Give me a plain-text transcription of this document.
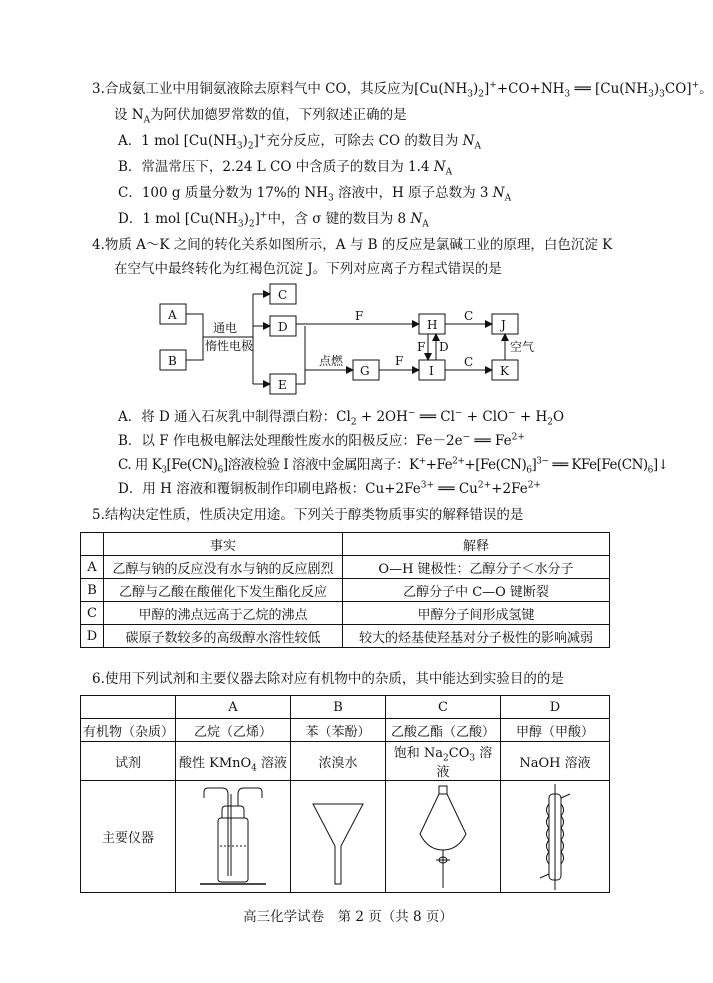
3.合成氨工业中用铜氨液除去原料气中 CO，其反应为$[Cu(NH_3)_2]^++CO+NH_3$ ══ $[Cu(NH_3)_3CO]^+$。
设 $N_A$为阿伏加德罗常数的值，下列叙述正确的是
A．1 mol $[Cu(NH_3)_2]^+$充分反应，可除去 CO 的数目为 $N_A$
B．常温常压下，2.24 L CO 中含质子的数目为 1.4 $N_A$
C．100 g 质量分数为 17%的 $NH_3$ 溶液中，H 原子总数为 3 $N_A$
D．1 mol $[Cu(NH_3)_2]^+$中，含 σ 键的数目为 8 $N_A$
4.物质 A～K 之间的转化关系如图所示，A 与 B 的反应是氯碱工业的原理，白色沉淀 K
在空气中最终转化为红褐色沉淀 J。下列对应离子方程式错误的是
A
B
C
D
E
G
H
I
J
K
通电
惰性电极
F
点燃	F
F D
C
C
空气
A．将 D 通入石灰乳中制得漂白粉：$Cl_2 + 2OH^-$ ══ $Cl^- + ClO^- + H_2O$
B．以 F 作电极电解法处理酸性废水的阳极反应：Fe－2e− ══ $Fe^{2+}$
C. 用 $K_3[Fe(CN)_6]$溶液检验 I 溶液中金属阳离子：$K^++Fe^{2+}+[Fe(CN)_6]^{3-}$ ══ $KFe[Fe(CN)_6]↓$
D．用 H 溶液和覆铜板制作印刷电路板：$Cu+2Fe^{3+}$ ══ $Cu^{2+}+2Fe^{2+}$
5.结构决定性质，性质决定用途。下列关于醇类物质事实的解释错误的是
	事实	解释
A	乙醇与钠的反应没有水与钠的反应剧烈	O—H 键极性：乙醇分子＜水分子
B	乙醇与乙酸在酸催化下发生酯化反应	乙醇分子中 C—O 键断裂
C	甲醇的沸点远高于乙烷的沸点	甲醇分子间形成氢键
D	碳原子数较多的高级醇水溶性较低	较大的烃基使羟基对分子极性的影响减弱
6.使用下列试剂和主要仪器去除对应有机物中的杂质，其中能达到实验目的的是
	A	B	C	D
有机物（杂质）	乙烷（乙烯）	苯（苯酚）	乙酸乙酯（乙酸）	甲醇（甲酸）
试剂	酸性 KMnO$_4$ 溶液	浓溴水	饱和 $Na_2CO_3$ 溶液	NaOH 溶液
主要仪器	

高三化学试卷　第 2 页（共 8 页）
